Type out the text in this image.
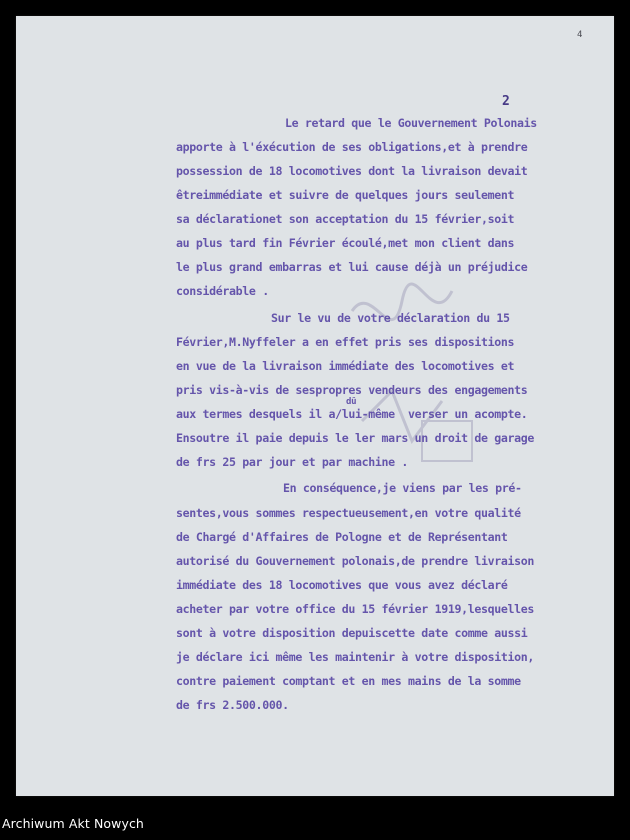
4
2
Le retard que le Gouvernement Polonais
apporte à l'éxécution de ses obligations,et à prendre
possession de 18 locomotives dont la livraison devait
êtreimmédiate et suivre de quelques jours seulement
sa déclarationet son acceptation du 15 février,soit
au plus tard fin Février écoulé,met mon client dans
le plus grand embarras et lui cause déjà un préjudice
considérable .
Sur le vu de votre déclaration du 15
Février,M.Nyffeler a en effet pris ses dispositions
en vue de la livraison immédiate des locomotives et
pris vis-à-vis de sespropres vendeurs des engagements
dû
aux termes desquels il a/lui-même  verser un acompte.
Ensoutre il paie depuis le ler mars un droit de garage
de frs 25 par jour et par machine .
En conséquence,je viens par les pré-
sentes,vous sommes respectueusement,en votre qualité
de Chargé d'Affaires de Pologne et de Représentant
autorisé du Gouvernement polonais,de prendre livraison
immédiate des 18 locomotives que vous avez déclaré
acheter par votre office du 15 février 1919,lesquelles
sont à votre disposition depuiscette date comme aussi
je déclare ici même les maintenir à votre disposition,
contre paiement comptant et en mes mains de la somme
de frs 2.500.000.
Archiwum Akt Nowych
